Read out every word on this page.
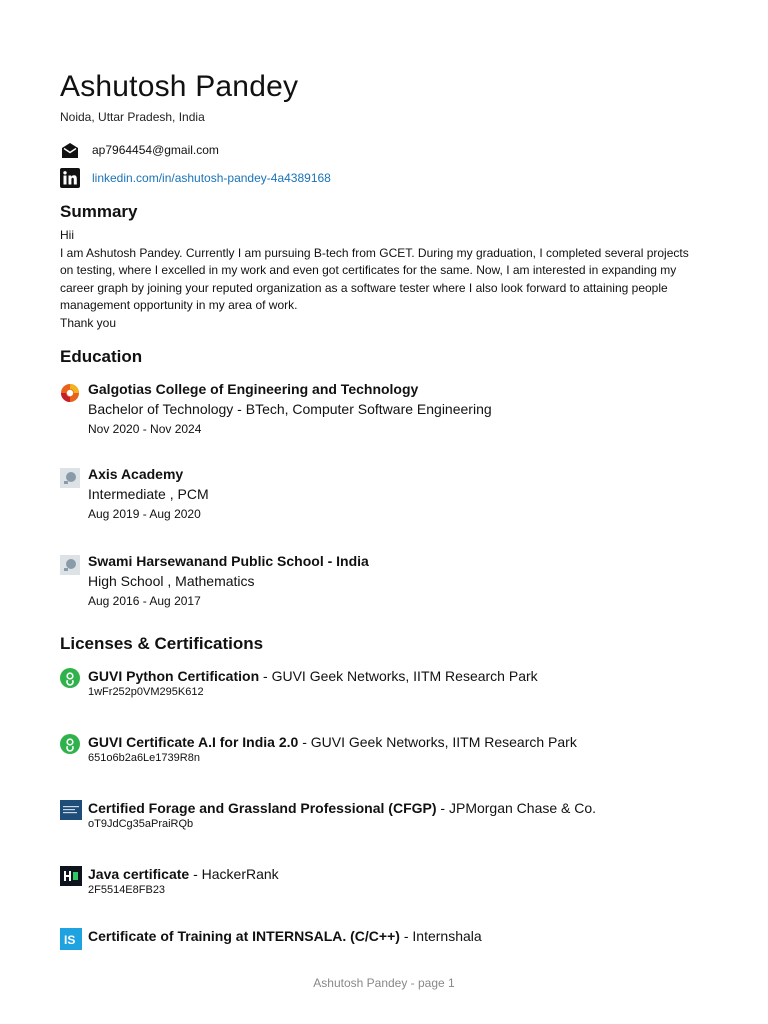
Ashutosh Pandey
Noida, Uttar Pradesh, India
ap7964454@gmail.com
linkedin.com/in/ashutosh-pandey-4a4389168
Summary

Hii

I am Ashutosh Pandey. Currently I am pursuing B-tech from GCET. During my graduation, I completed several projects on testing, where I excelled in my work and even got certificates for the same. Now, I am interested in expanding my career graph by joining your reputed organization as a software tester where I also look forward to attaining people management opportunity in my area of work.

Thank you

Education
Galgotias College of Engineering and Technology
Bachelor of Technology - BTech, Computer Software Engineering
Nov 2020 - Nov 2024
Axis Academy
Intermediate , PCM
Aug 2019 - Aug 2020
Swami Harsewanand Public School - India
High School , Mathematics
Aug 2016 - Aug 2017
Licenses & Certifications
GUVI Python Certification - GUVI Geek Networks, IITM Research Park
1wFr252p0VM295K612
GUVI Certificate A.I for India 2.0 - GUVI Geek Networks, IITM Research Park
651o6b2a6Le1739R8n
Certified Forage and Grassland Professional (CFGP) - JPMorgan Chase & Co.
oT9JdCg35aPraiRQb
Java certificate - HackerRank
2F5514E8FB23
IS Certificate of Training at INTERNSALA. (C/C++) - Internshala
Ashutosh Pandey - page 1
